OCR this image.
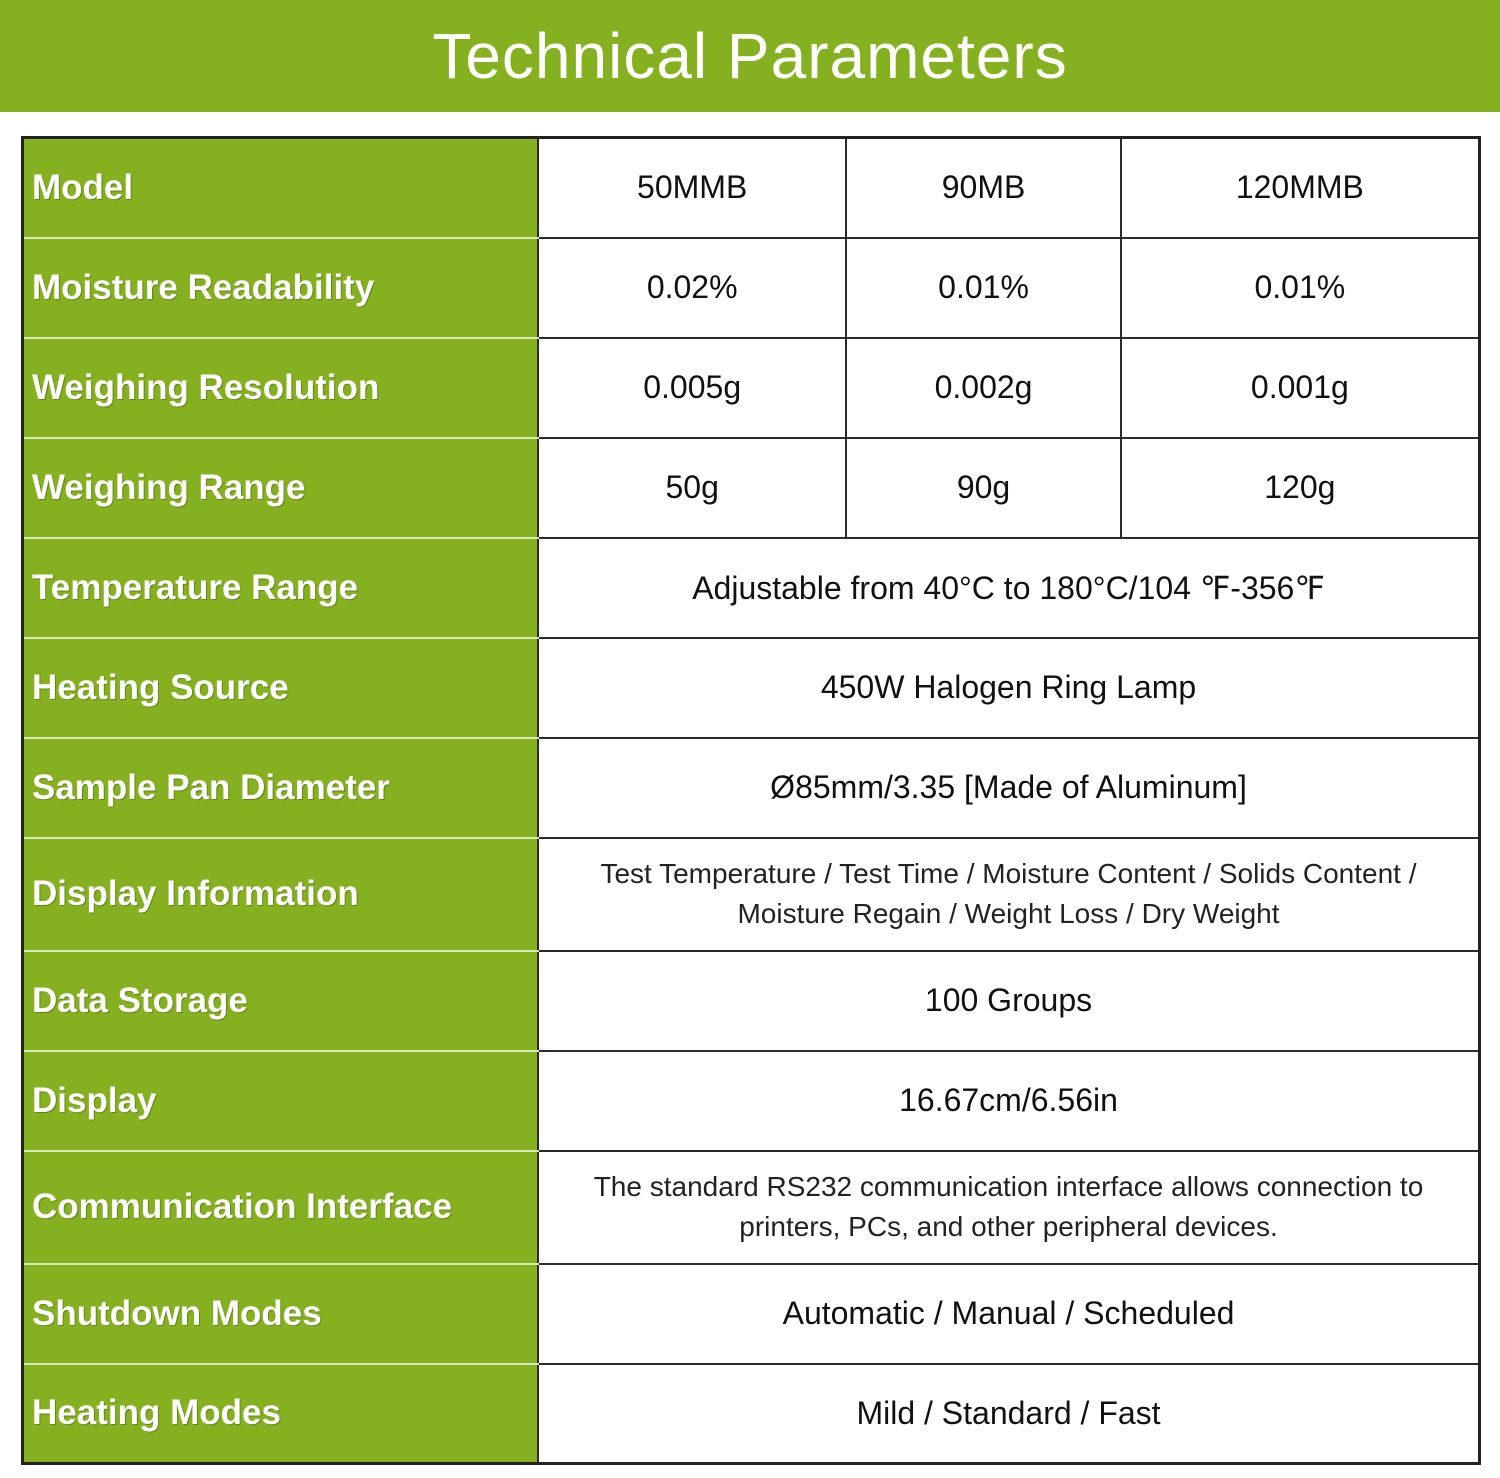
Technical Parameters
Model	50MMB	90MB	120MMB
Moisture Readability	0.02%	0.01%	0.01%
Weighing Resolution	0.005g	0.002g	0.001g
Weighing Range	50g	90g	120g
Temperature Range	Adjustable from 40°C to 180°C/104 ℉-356℉		
Heating Source	450W Halogen Ring Lamp		
Sample Pan Diameter	Ø85mm/3.35 [Made of Aluminum]		
Display Information	Test Temperature / Test Time / Moisture Content / Solids Content /
Moisture Regain / Weight Loss / Dry Weight		

Data Storage	100 Groups		
Display	16.67cm/6.56in		
Communication Interface	The standard RS232 communication interface allows connection to
printers, PCs, and other peripheral devices.		

Shutdown Modes	Automatic / Manual / Scheduled		
Heating Modes	Mild / Standard / Fast		
